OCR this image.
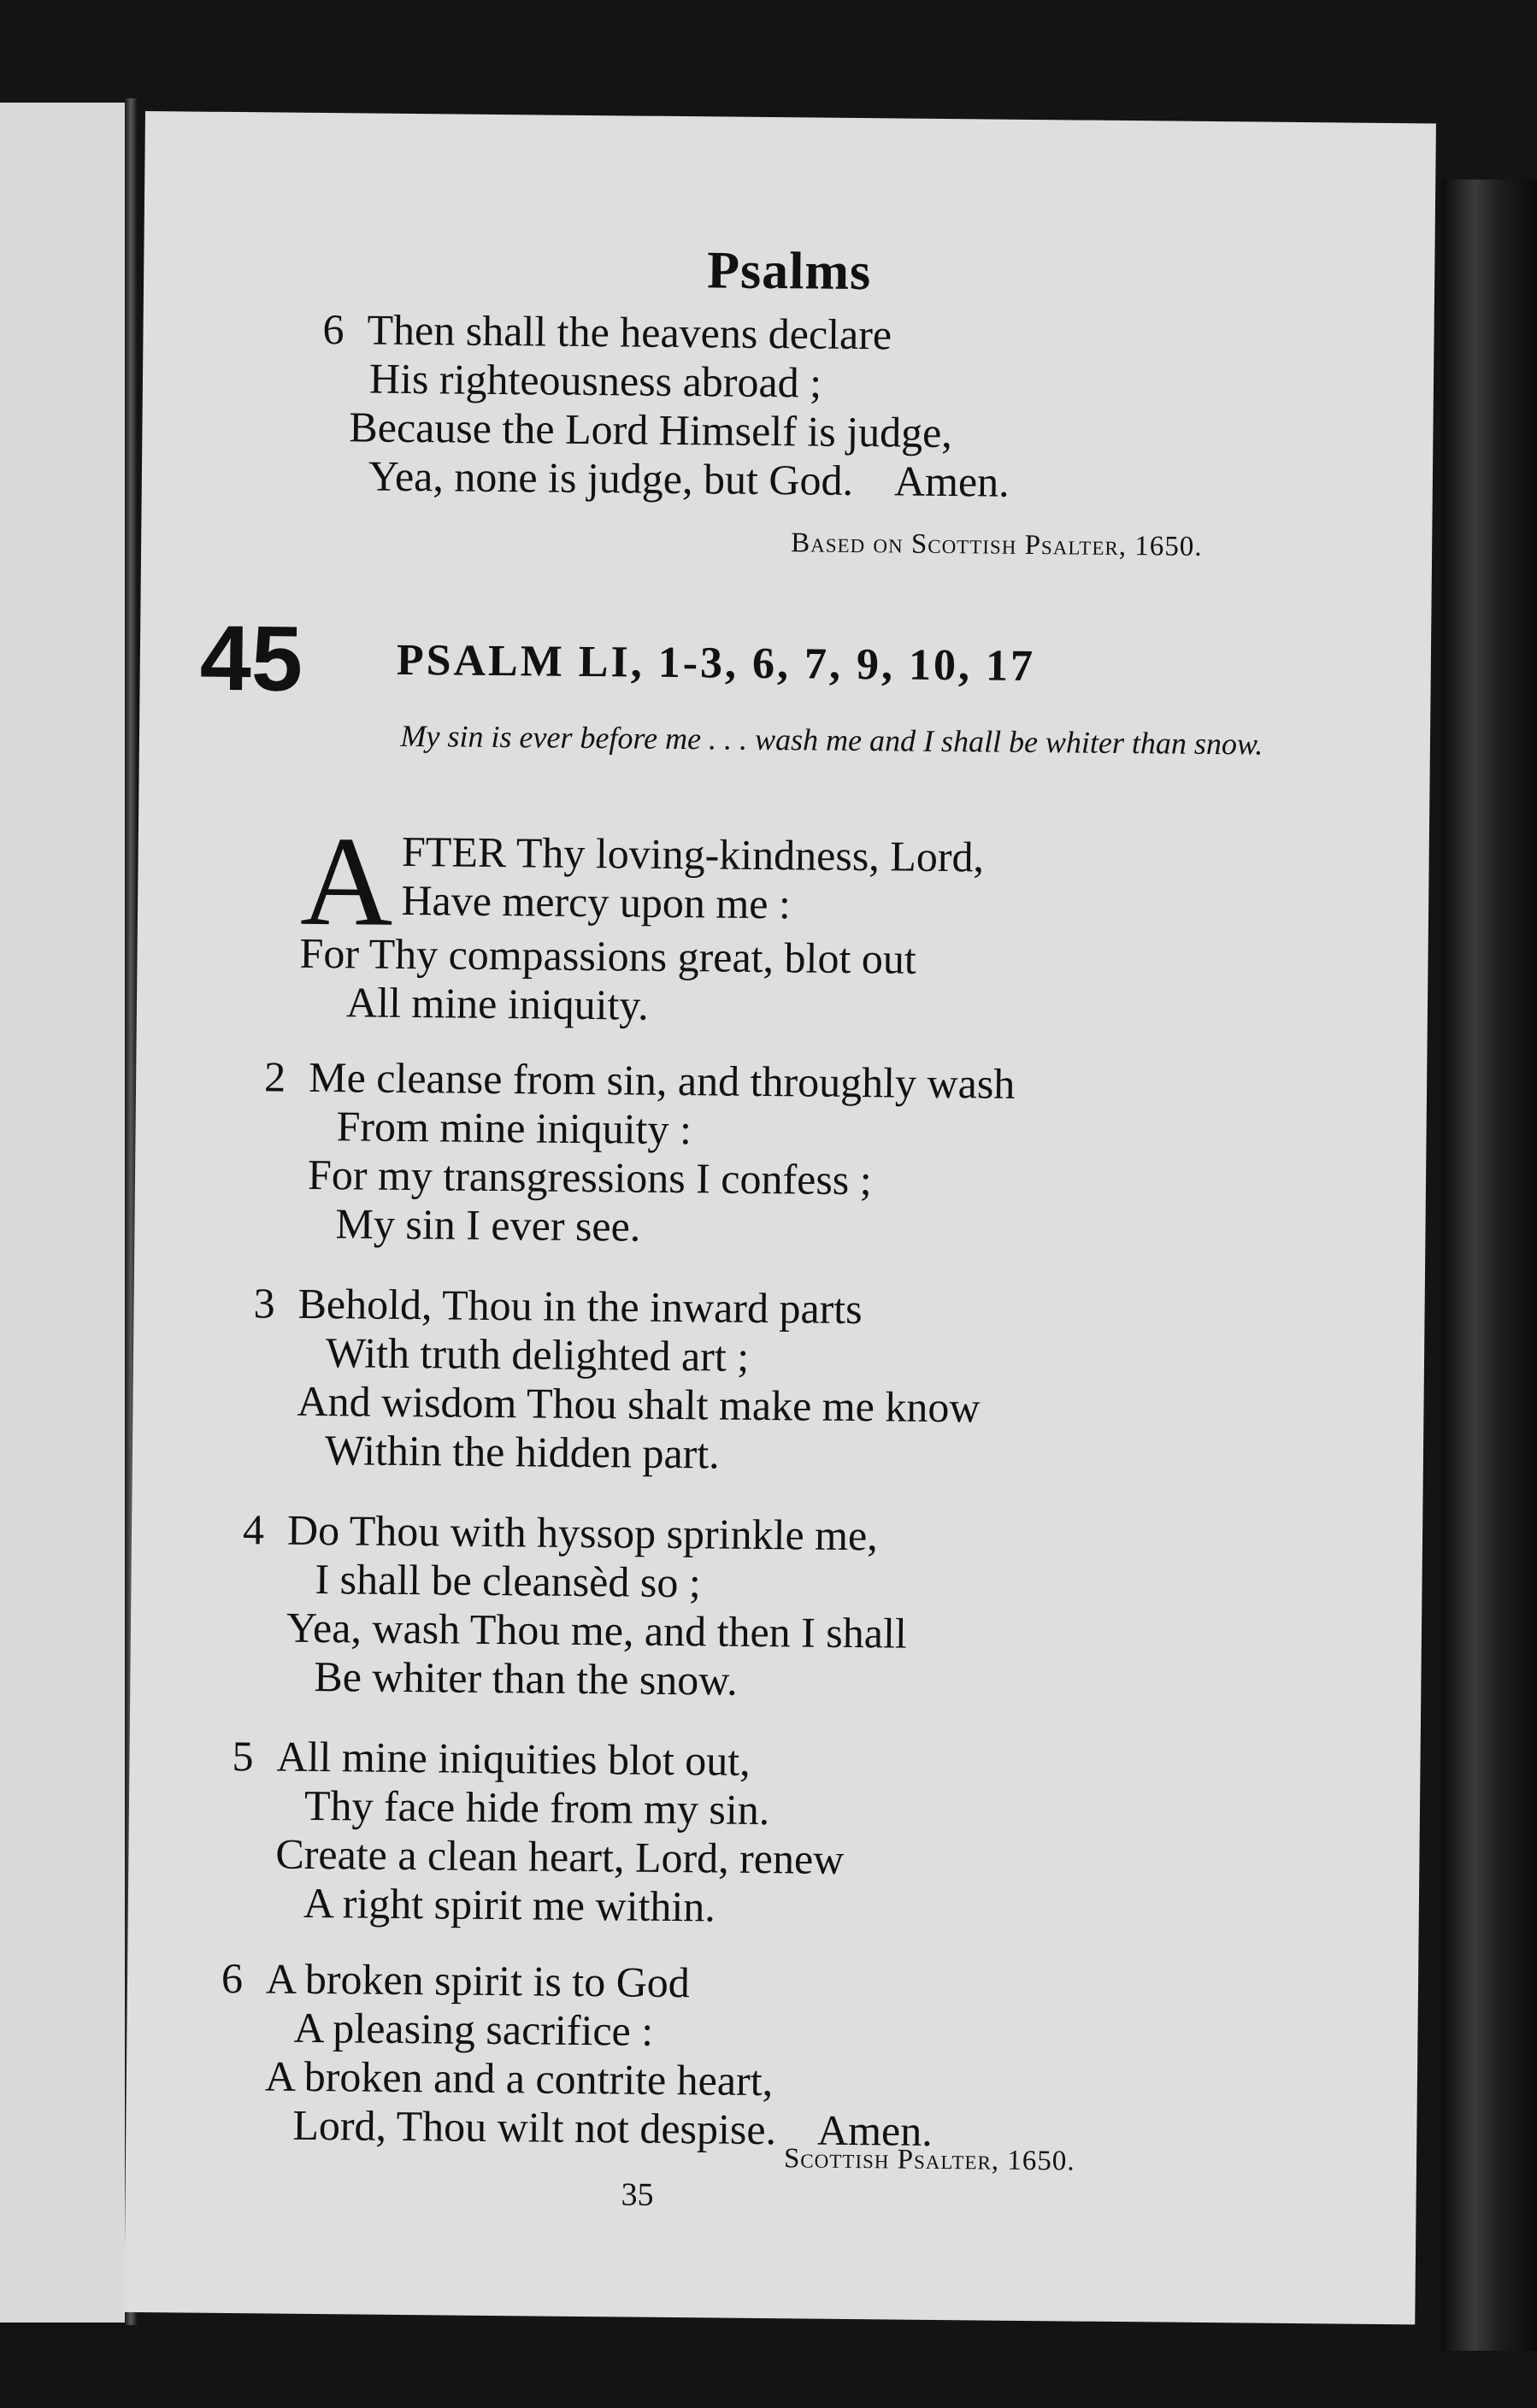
Psalms
6 Then shall the heavens declare
His righteousness abroad ;
Because the Lord Himself is judge,
Yea, none is judge, but God. Amen.
Based on Scottish Psalter, 1650.
45 PSALM LI, 1-3, 6, 7, 9, 10, 17
My sin is ever before me . . . wash me and I shall be whiter than snow.
A FTER Thy loving-kindness, Lord,
Have mercy upon me :
For Thy compassions great, blot out
All mine iniquity.
2 Me cleanse from sin, and throughly wash
From mine iniquity :
For my transgressions I confess ;
My sin I ever see.
3 Behold, Thou in the inward parts
With truth delighted art ;
And wisdom Thou shalt make me know
Within the hidden part.
4 Do Thou with hyssop sprinkle me,
I shall be cleansèd so ;
Yea, wash Thou me, and then I shall
Be whiter than the snow.
5 All mine iniquities blot out,
Thy face hide from my sin.
Create a clean heart, Lord, renew
A right spirit me within.
6 A broken spirit is to God
A pleasing sacrifice :
A broken and a contrite heart,
Lord, Thou wilt not despise. Amen.
Scottish Psalter, 1650.
35
